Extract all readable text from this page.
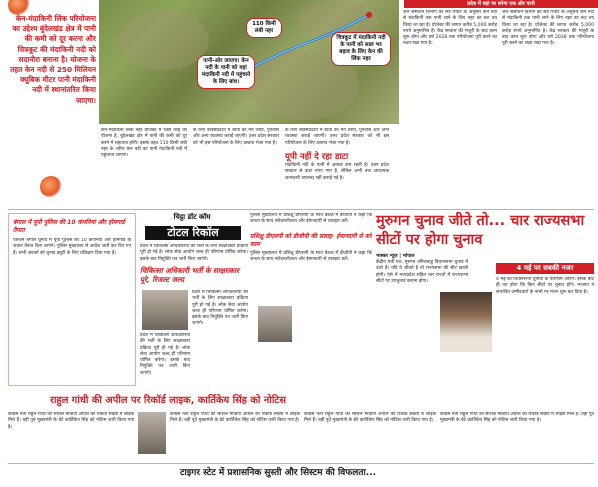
केन-मंदाकिनी लिंक परियोजना का उद्देश्य बुंदेलखंड क्षेत्र में पानी की कमी को दूर करना और चित्रकूट की मंदाकिनी नदी को सदानीरा बनाना है। योजना के तहत केन नदी से 250 मिलियन क्यूबिक मीटर पानी मंदाकिनी नदी में स्थानांतरित किया जाएगा।
पानी-ओर जाएगा। केन नदी के पानी को यहां मंदाकिनी नदी में पहुंचाने के लिए बांध।
110 किमी लंबी नहर
चित्रकूट में मंदाकिनी नदी के पानी को साल भर बहाव के लिए केन की लिंक नहर
केन-मंदाकिनी लिंक नहर प्रोजेक्ट में जिस तरह की योजना है, बुंदेलखंड क्षेत्र में पानी की कमी को दूर करने में सहायता होगी। इसके तहत 110 किमी लंबी नहर के जरिए केन नदी का पानी मंदाकिनी नदी में पहुंचाया जाएगा।
के लिए बॉक्सप्रदेशों में बांधों का मन लिया, पुनर्वास और अन्य व्यवस्था कराई जाएगी। उत्तर प्रदेश सरकार को भी इस परियोजना के लिए प्रस्ताव भेजा गया है।
के लिए बॉक्सप्रदेशों में बांधों का मन लिया, पुनर्वास और अन्य व्यवस्था कराई जाएगी। उत्तर प्रदेश सरकार को भी इस परियोजना के लिए प्रस्ताव भेजा गया है।
यूपी नहीं दे रहा डाटा
मंदाकिनी नदी के पानी में आवक कम रहती है। उत्तर प्रदेश सरकार से डाटा मांगा गया है, लेकिन अभी तक आवश्यक जानकारी उपलब्ध नहीं कराई गई है।
प्रदेश में यहां पर बनेगा एक और पानी
जल संसाधन विभाग की सर्वे रिपोर्ट के अनुसार केन नदी से मंदाकिनी तक पानी लाने के लिए नहर का रूट तय किया जा रहा है। प्रोजेक्ट की लागत करीब 5,000 करोड़ रुपये अनुमानित है। केंद्र सरकार की मंजूरी के बाद काम शुरू होगा और वर्ष 2028 तक परियोजना पूरी करने का लक्ष्य रखा गया है।
जल संसाधन विभाग की सर्वे रिपोर्ट के अनुसार केन नदी से मंदाकिनी तक पानी लाने के लिए नहर का रूट तय किया जा रहा है। प्रोजेक्ट की लागत करीब 5,000 करोड़ रुपये अनुमानित है। केंद्र सरकार की मंजूरी के बाद काम शुरू होगा और वर्ष 2028 तक परियोजना पूरी करने का लक्ष्य रखा गया है।
बंगाल में यूपी पुलिस की 10 कंपनियां और होमगार्ड तैनात
पश्चिम बंगाल चुनाव में यूपी पुलिस की 10 कंपनियां और होमगार्ड के जवान तैनात किए जाएंगे। पुलिस मुख्यालय से आदेश जारी कर दिए गए हैं। सभी जवानों को चुनाव ड्यूटी के लिए प्रशिक्षण दिया गया है।
चिट्ठा डॉट कॉम
टोटल रिकॉल
प्रदेश में चिकित्सा अधिकारियों की भर्ती के लिए साक्षात्कार प्रक्रिया पूरी हो गई है। लोक सेवा आयोग जल्द ही परिणाम घोषित करेगा। इसके बाद नियुक्ति पत्र जारी किए जाएंगे।
चिकित्सा अधिकारी भर्ती के साक्षात्कार पूरे, रिजल्ट जल्द
प्रदेश में चिकित्सा अधिकारियों की भर्ती के लिए साक्षात्कार प्रक्रिया पूरी हो गई है। लोक सेवा आयोग जल्द ही परिणाम घोषित करेगा। इसके बाद नियुक्ति पत्र जारी किए जाएंगे।
प्रदेश में चिकित्सा अधिकारियों की भर्ती के लिए साक्षात्कार प्रक्रिया पूरी हो गई है। लोक सेवा आयोग जल्द ही परिणाम घोषित करेगा। इसके बाद नियुक्ति पत्र जारी किए जाएंगे।
पुलिस मुख्यालय में प्रशिक्षु डीएसपी के साथ बैठक में डीजीपी ने कहा कि जनता के साथ संवेदनशीलता और ईमानदारी से व्यवहार करें।
प्रशिक्षु डीएसपी को डीजीपी की सलाह- ईमानदारी से करें काम
पुलिस मुख्यालय में प्रशिक्षु डीएसपी के साथ बैठक में डीजीपी ने कहा कि जनता के साथ संवेदनशीलता और ईमानदारी से व्यवहार करें।
मुरुगन चुनाव जीते तो... चार राज्यसभा सीटों पर होगा चुनाव
भास्कर न्यूज | भोपाल
केंद्रीय मंत्री एल. मुरुगन तमिलनाडु विधानसभा चुनाव में उतरे हैं। यदि वे जीतते हैं तो राज्यसभा की सीट खाली होगी। ऐसे में मध्यप्रदेश सहित चार राज्यों में राज्यसभा सीटों पर उपचुनाव कराना होगा।
4 मई पर सबकी नजर
4 मई को विधानसभा चुनावों के परिणाम आएंगे। इसके बाद ही तय होगा कि किन सीटों पर चुनाव होंगे। भाजपा ने संभावित उम्मीदवारों के नामों पर मंथन शुरू कर दिया है।
राहुल गांधी की अपील पर रिकॉर्ड लाइक, कार्तिकेय सिंह को नोटिस
कांग्रेस नेता राहुल गांधी की सोशल मीडिया अपील को रिकॉर्ड संख्या में लाइक मिले हैं। वहीं पूर्व मुख्यमंत्री के बेटे कार्तिकेय सिंह को नोटिस जारी किया गया है।
कांग्रेस नेता राहुल गांधी की सोशल मीडिया अपील को रिकॉर्ड संख्या में लाइक मिले हैं। वहीं पूर्व मुख्यमंत्री के बेटे कार्तिकेय सिंह को नोटिस जारी किया गया है।
कांग्रेस नेता राहुल गांधी की सोशल मीडिया अपील को रिकॉर्ड संख्या में लाइक मिले हैं। वहीं पूर्व मुख्यमंत्री के बेटे कार्तिकेय सिंह को नोटिस जारी किया गया है।
कांग्रेस नेता राहुल गांधी की सोशल मीडिया अपील को रिकॉर्ड संख्या में लाइक मिले हैं। वहीं पूर्व मुख्यमंत्री के बेटे कार्तिकेय सिंह को नोटिस जारी किया गया है।
टाइगर स्टेट में प्रशासनिक सुस्ती और सिस्टम की विफलता...
